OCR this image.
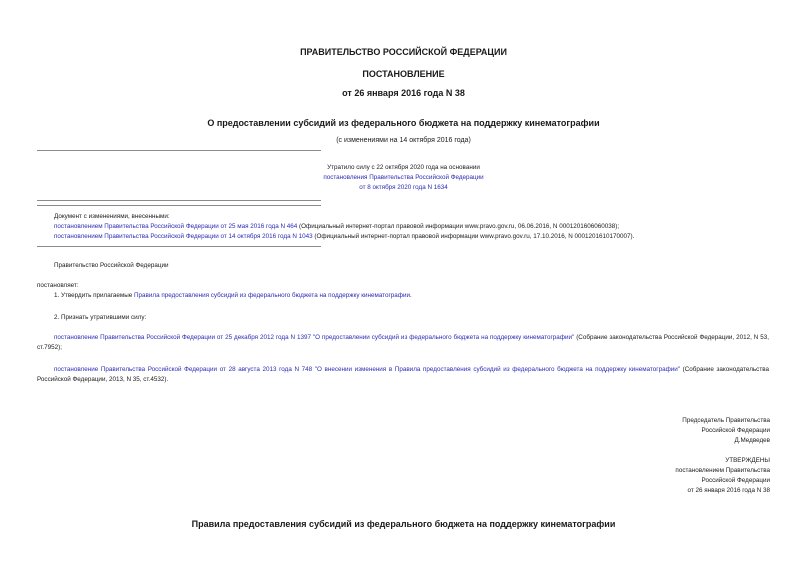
ПРАВИТЕЛЬСТВО РОССИЙСКОЙ ФЕДЕРАЦИИ
ПОСТАНОВЛЕНИЕ
от 26 января 2016 года N 38
О предоставлении субсидий из федерального бюджета на поддержку кинематографии
(с изменениями на 14 октября 2016 года)
Утратило силу с 22 октября 2020 года на основании
постановления Правительства Российской Федерации
от 8 октября 2020 года N 1634
Документ с изменениями, внесенными:
постановлением Правительства Российской Федерации от 25 мая 2016 года N 464 (Официальный интернет-портал правовой информации www.pravo.gov.ru, 06.06.2016, N 0001201606060038);
постановлением Правительства Российской Федерации от 14 октября 2016 года N 1043 (Официальный интернет-портал правовой информации www.pravo.gov.ru, 17.10.2016, N 0001201610170007).
Правительство Российской Федерации
постановляет:
1. Утвердить прилагаемые Правила предоставления субсидий из федерального бюджета на поддержку кинематографии.
2. Признать утратившими силу:
постановление Правительства Российской Федерации от 25 декабря 2012 года N 1397 "О предоставлении субсидий из федерального бюджета на поддержку кинематографии" (Собрание законодательства Российской Федерации, 2012, N 53, ст.7952);
постановление Правительства Российской Федерации от 28 августа 2013 года N 748 "О внесении изменения в Правила предоставления субсидий из федерального бюджета на поддержку кинематографии" (Собрание законодательства Российской Федерации, 2013, N 35, ст.4532).
Председатель Правительства
Российской Федерации
Д.Медведев
УТВЕРЖДЕНЫ
постановлением Правительства
Российской Федерации
от 26 января 2016 года N 38
Правила предоставления субсидий из федерального бюджета на поддержку кинематографии
